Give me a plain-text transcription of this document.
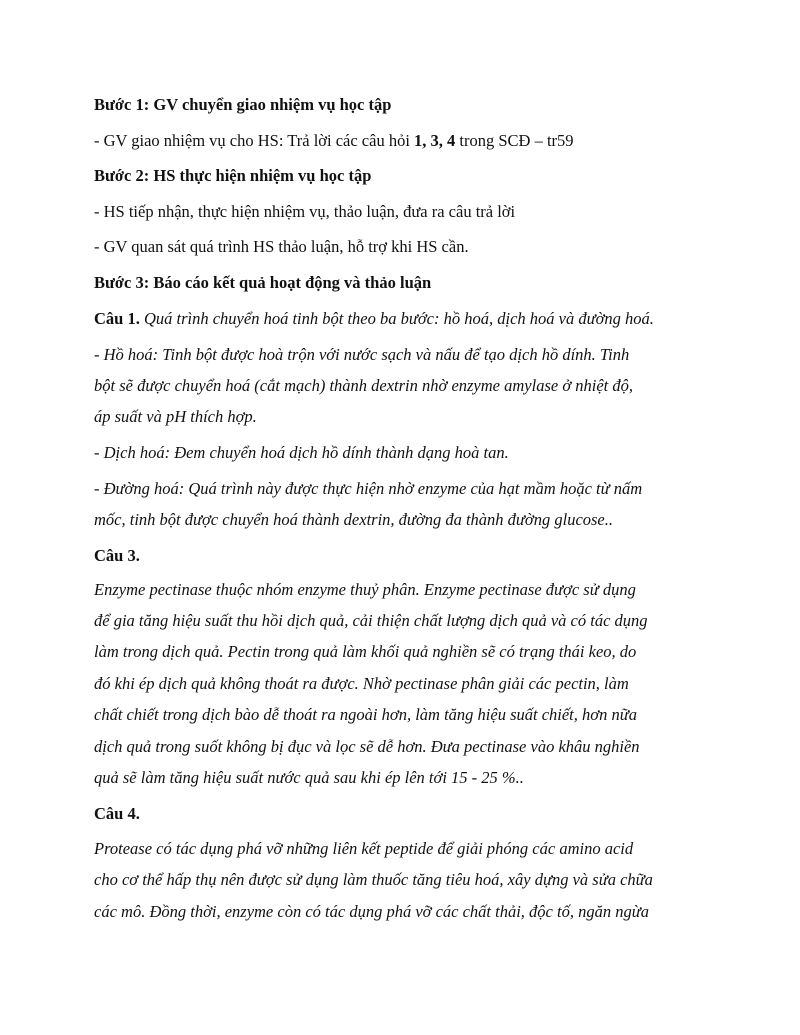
Bước 1: GV chuyển giao nhiệm vụ học tập
- GV giao nhiệm vụ cho HS: Trả lời các câu hỏi 1, 3, 4 trong SCĐ – tr59
Bước 2: HS thực hiện nhiệm vụ học tập
- HS tiếp nhận, thực hiện nhiệm vụ, thảo luận, đưa ra câu trả lời
- GV quan sát quá trình HS thảo luận, hỗ trợ khi HS cần.
Bước 3: Báo cáo kết quả hoạt động và thảo luận
Câu 1. Quá trình chuyển hoá tinh bột theo ba bước: hồ hoá, dịch hoá và đường hoá.
- Hồ hoá: Tinh bột được hoà trộn với nước sạch và nấu để tạo dịch hồ dính. Tinh
bột sẽ được chuyển hoá (cắt mạch) thành dextrin nhờ enzyme amylase ở nhiệt độ,
áp suất và pH thích hợp.
- Dịch hoá: Đem chuyển hoá dịch hồ dính thành dạng hoà tan.
- Đường hoá: Quá trình này được thực hiện nhờ enzyme của hạt mầm hoặc từ nấm
mốc, tinh bột được chuyển hoá thành dextrin, đường đa thành đường glucose..
Câu 3.
Enzyme pectinase thuộc nhóm enzyme thuỷ phân. Enzyme pectinase được sử dụng
để gia tăng hiệu suất thu hồi dịch quả, cải thiện chất lượng dịch quả và có tác dụng
làm trong dịch quả. Pectin trong quả làm khối quả nghiền sẽ có trạng thái keo, do
đó khi ép dịch quả không thoát ra được. Nhờ pectinase phân giải các pectin, làm
chất chiết trong dịch bào dễ thoát ra ngoài hơn, làm tăng hiệu suất chiết, hơn nữa
dịch quả trong suốt không bị đục và lọc sẽ dễ hơn. Đưa pectinase vào khâu nghiền
quả sẽ làm tăng hiệu suất nước quả sau khi ép lên tới 15 - 25 %..
Câu 4.
Protease có tác dụng phá vỡ những liên kết peptide để giải phóng các amino acid
cho cơ thể hấp thụ nên được sử dụng làm thuốc tăng tiêu hoá, xây dựng và sửa chữa
các mô. Đồng thời, enzyme còn có tác dụng phá vỡ các chất thải, độc tố, ngăn ngừa
